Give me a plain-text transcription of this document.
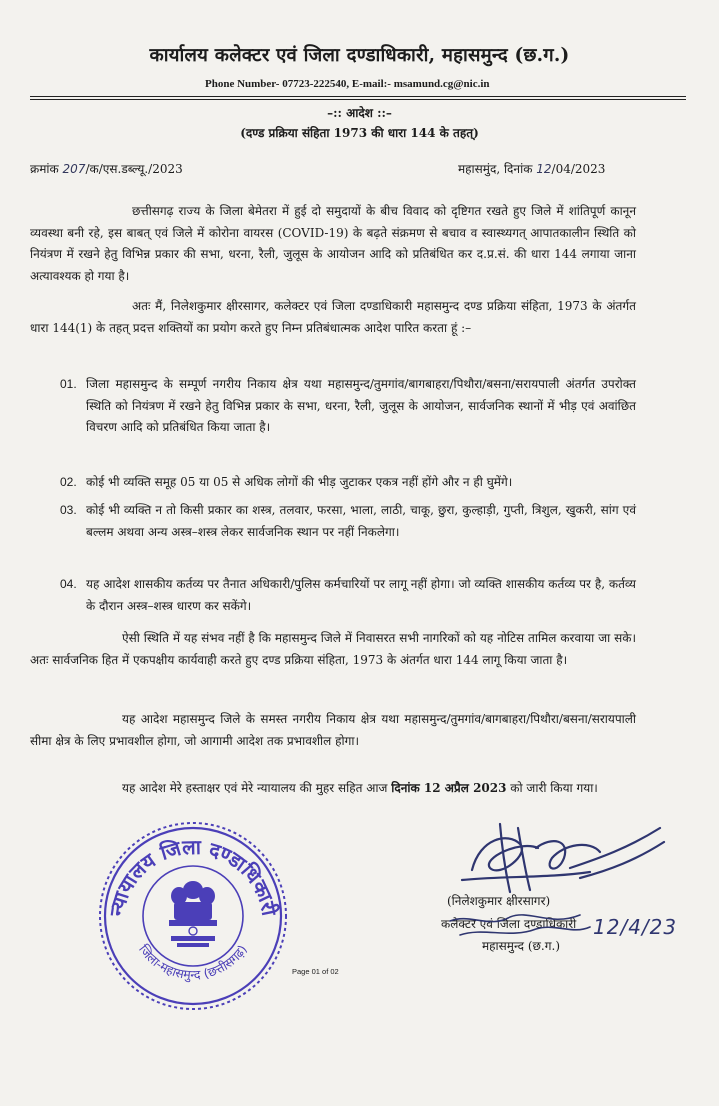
कार्यालय कलेक्टर एवं जिला दण्डाधिकारी, महासमुन्द (छ.ग.)
Phone Number- 07723-222540, E-mail:- msamund.cg@nic.in
–:: आदेश ::–
(दण्ड प्रक्रिया संहिता 1973 की धारा 144 के तहत्)
क्रमांक 207/क/एस.डब्ल्यू./2023	महासमुंद, दिनांक 12/04/2023
छत्तीसगढ़ राज्य के जिला बेमेतरा में हुई दो समुदायों के बीच विवाद को दृष्टिगत रखते हुए जिले में शांतिपूर्ण कानून व्यवस्था बनी रहे, इस बाबत् एवं जिले में कोरोना वायरस (COVID-19) के बढ़ते संक्रमण से बचाव व स्वास्थ्यगत् आपातकालीन स्थिति को नियंत्रण में रखने हेतु विभिन्न प्रकार की सभा, धरना, रैली, जुलूस के आयोजन आदि को प्रतिबंधित कर द.प्र.सं. की धारा 144 लगाया जाना अत्यावश्यक हो गया है।
अतः मैं, निलेशकुमार क्षीरसागर, कलेक्टर एवं जिला दण्डाधिकारी महासमुन्द दण्ड प्रक्रिया संहिता, 1973 के अंतर्गत धारा 144(1) के तहत् प्रदत्त शक्तियों का प्रयोग करते हुए निम्न प्रतिबंधात्मक आदेश पारित करता हूं :–
01. जिला महासमुन्द के सम्पूर्ण नगरीय निकाय क्षेत्र यथा महासमुन्द/तुमगांव/बागबाहरा/पिथौरा/बसना/सरायपाली अंतर्गत उपरोक्त स्थिति को नियंत्रण में रखने हेतु विभिन्न प्रकार के सभा, धरना, रैली, जुलूस के आयोजन, सार्वजनिक स्थानों में भीड़ एवं अवांछित विचरण आदि को प्रतिबंधित किया जाता है।
02. कोई भी व्यक्ति समूह 05 या 05 से अधिक लोगों की भीड़ जुटाकर एकत्र नहीं होंगे और न ही घुमेंगे।
03. कोई भी व्यक्ति न तो किसी प्रकार का शस्त्र, तलवार, फरसा, भाला, लाठी, चाकू, छुरा, कुल्हाड़ी, गुप्ती, त्रिशुल, खुकरी, सांग एवं बल्लम अथवा अन्य अस्त्र–शस्त्र लेकर सार्वजनिक स्थान पर नहीं निकलेगा।
04. यह आदेश शासकीय कर्तव्य पर तैनात अधिकारी/पुलिस कर्मचारियों पर लागू नहीं होगा। जो व्यक्ति शासकीय कर्तव्य पर है, कर्तव्य के दौरान अस्त्र–शस्त्र धारण कर सकेंगे।
ऐसी स्थिति में यह संभव नहीं है कि महासमुन्द जिले में निवासरत सभी नागरिकों को यह नोटिस तामिल करवाया जा सके। अतः सार्वजनिक हित में एकपक्षीय कार्यवाही करते हुए दण्ड प्रक्रिया संहिता, 1973 के अंतर्गत धारा 144 लागू किया जाता है।
यह आदेश महासमुन्द जिले के समस्त नगरीय निकाय क्षेत्र यथा महासमुन्द/तुमगांव/बागबाहरा/पिथौरा/बसना/सरायपाली सीमा क्षेत्र के लिए प्रभावशील होगा, जो आगामी आदेश तक प्रभावशील होगा।
यह आदेश मेरे हस्ताक्षर एवं मेरे न्यायालय की मुहर सहित आज दिनांक 12 अप्रैल 2023 को जारी किया गया।
न्यायालय जिला दण्डाधिकारी
जिला-महासमुन्द (छत्तीसगढ़)
Page 01 of 02
(निलेशकुमार क्षीरसागर)
कलेक्टर एवं जिला दण्डाधिकारी
महासमुन्द (छ.ग.)
12/4/23
